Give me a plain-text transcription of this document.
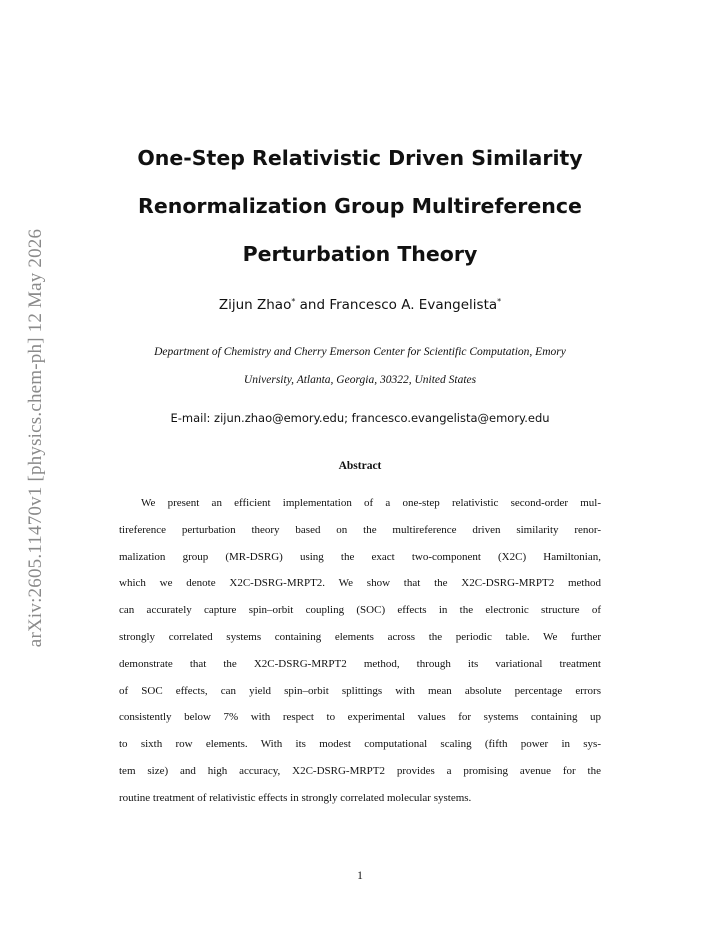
arXiv:2605.11470v1 [physics.chem-ph] 12 May 2026
One-Step Relativistic Driven Similarity
Renormalization Group Multireference
Perturbation Theory
Zijun Zhao* and Francesco A. Evangelista*
Department of Chemistry and Cherry Emerson Center for Scientific Computation, Emory
University, Atlanta, Georgia, 30322, United States
E-mail: zijun.zhao@emory.edu; francesco.evangelista@emory.edu
Abstract
We present an efficient implementation of a one-step relativistic second-order mul-
tireference perturbation theory based on the multireference driven similarity renor-
malization group (MR-DSRG) using the exact two-component (X2C) Hamiltonian,
which we denote X2C-DSRG-MRPT2. We show that the X2C-DSRG-MRPT2 method
can accurately capture spin–orbit coupling (SOC) effects in the electronic structure of
strongly correlated systems containing elements across the periodic table. We further
demonstrate that the X2C-DSRG-MRPT2 method, through its variational treatment
of SOC effects, can yield spin–orbit splittings with mean absolute percentage errors
consistently below 7% with respect to experimental values for systems containing up
to sixth row elements. With its modest computational scaling (fifth power in sys-
tem size) and high accuracy, X2C-DSRG-MRPT2 provides a promising avenue for the
routine treatment of relativistic effects in strongly correlated molecular systems.
1
